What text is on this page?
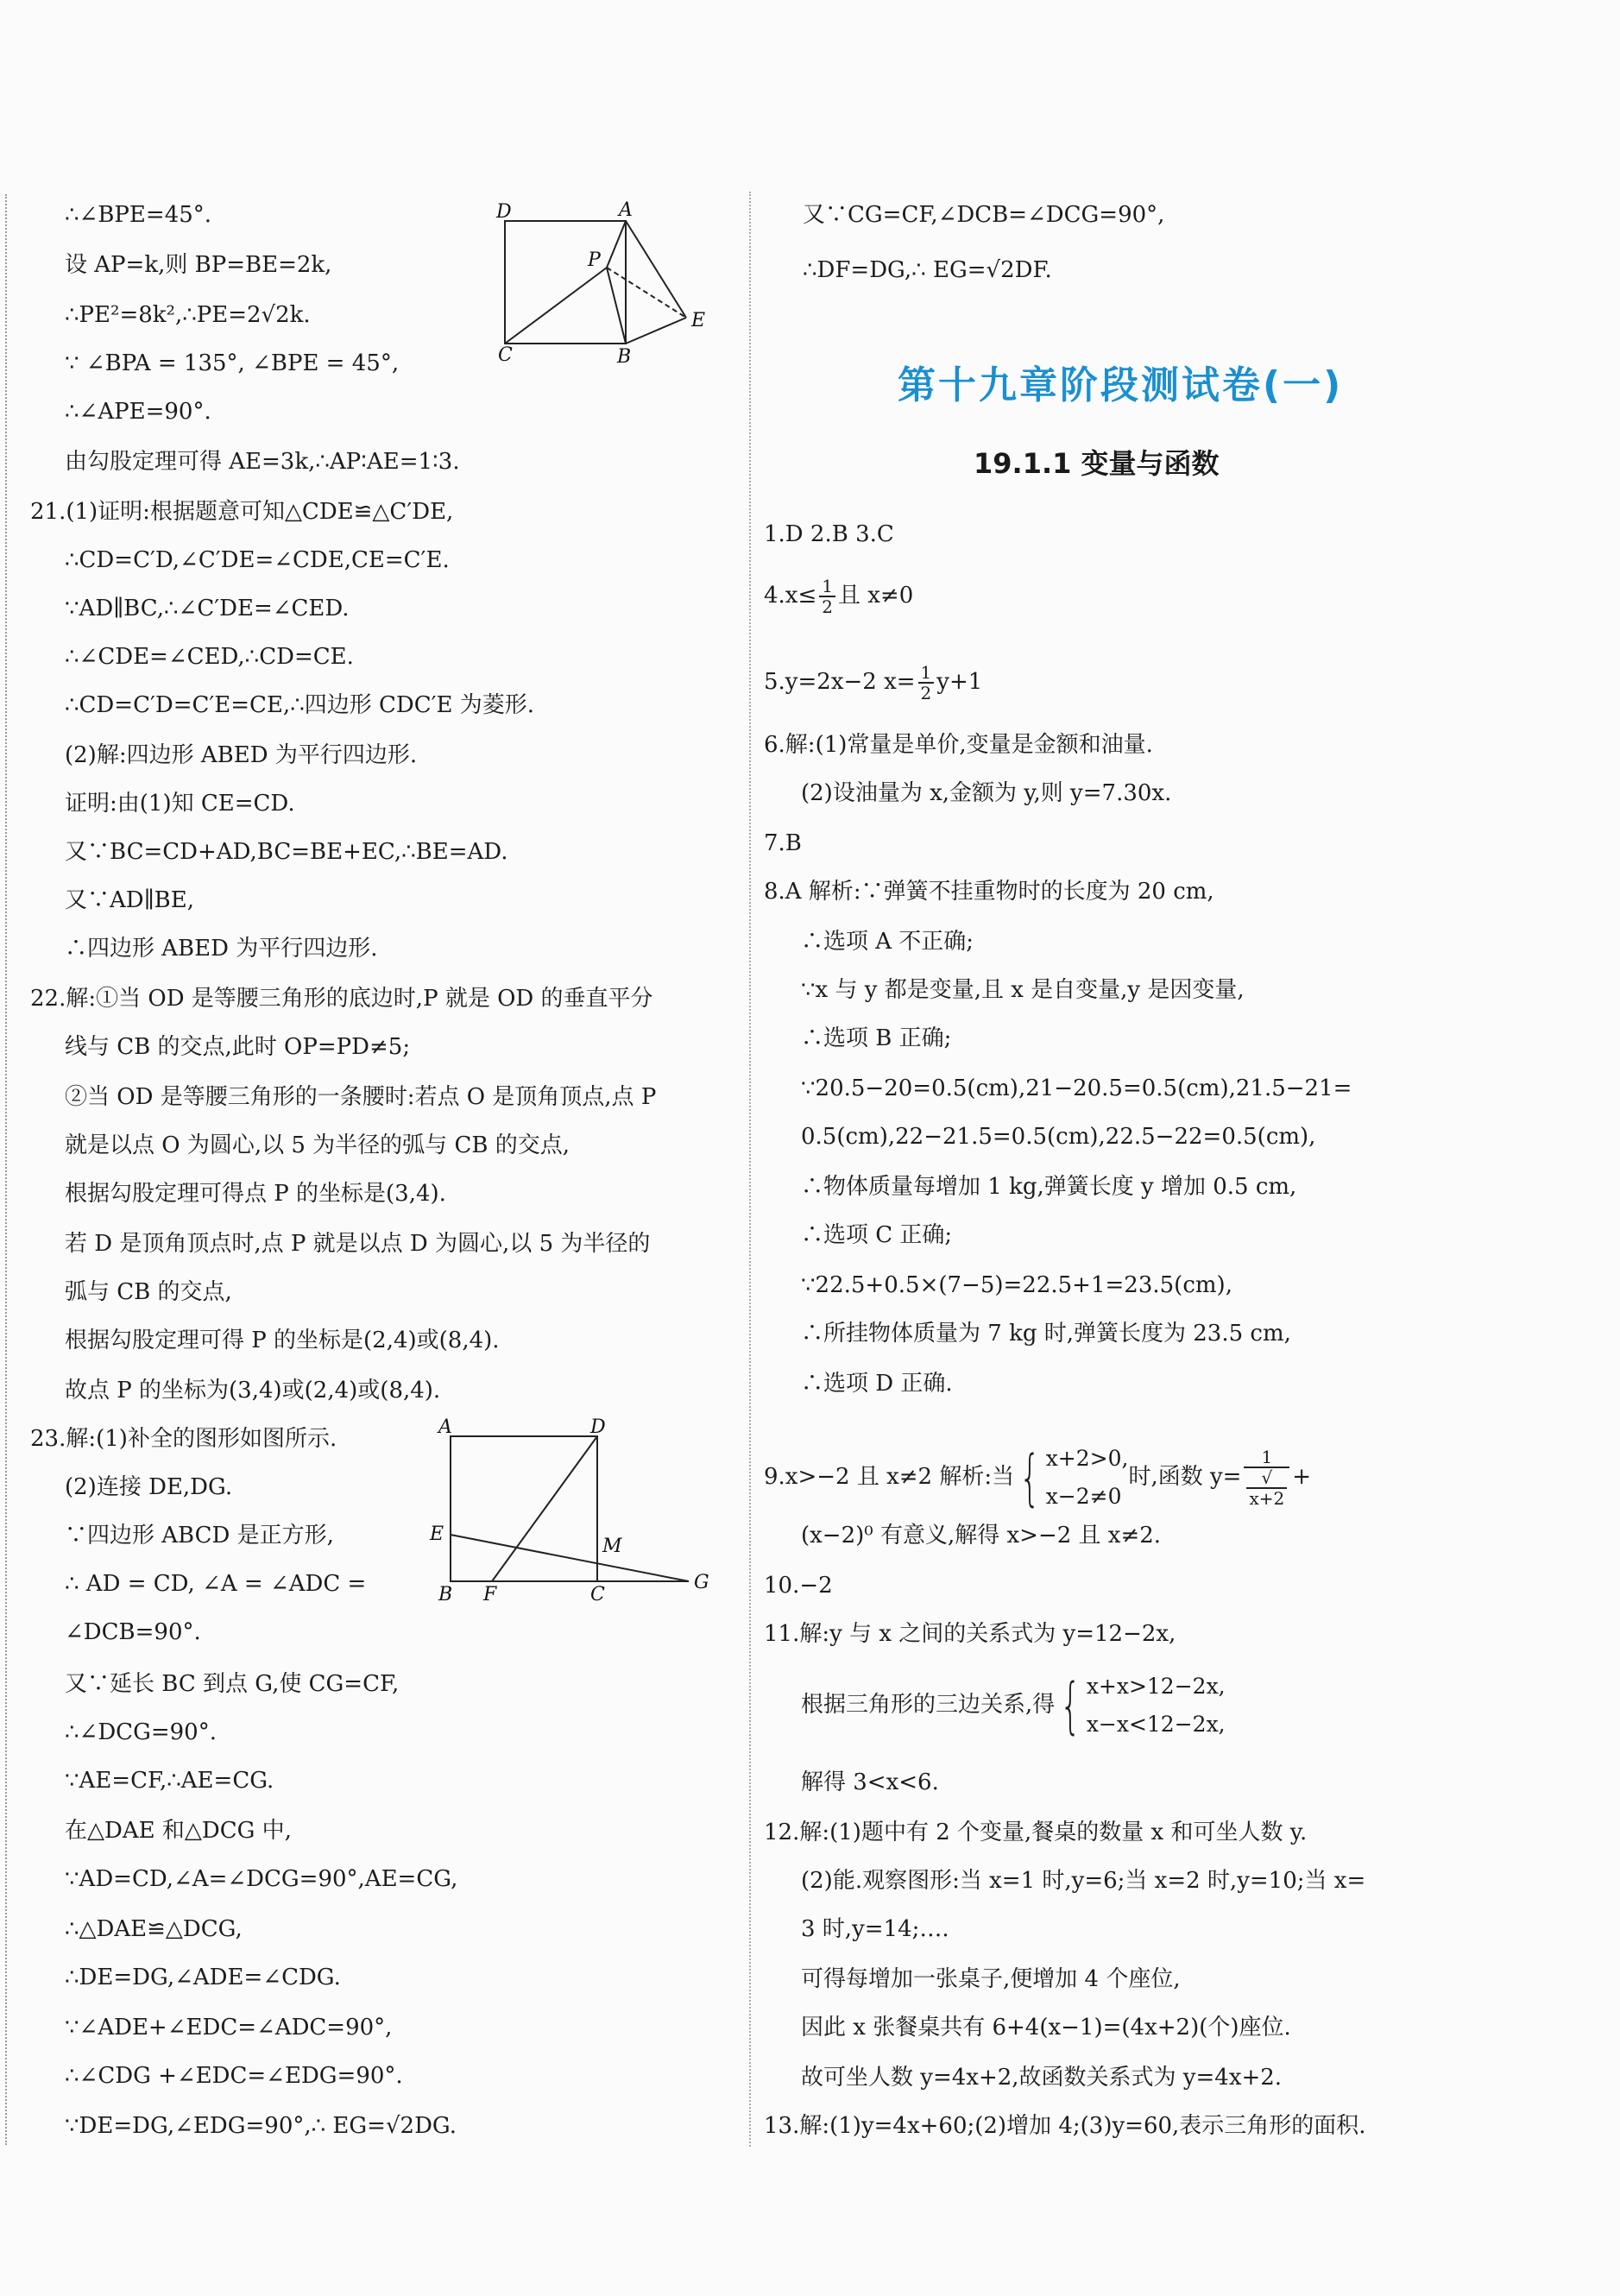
∴∠BPE=45°.
设 AP=k,则 BP=BE=2k,
∴PE²=8k²,∴PE=2√2k.
∵ ∠BPA = 135°, ∠BPE = 45°,
∴∠APE=90°.
由勾股定理可得 AE=3k,∴AP∶AE=1∶3.
21.(1)证明:根据题意可知△CDE≌△C′DE,
∴CD=C′D,∠C′DE=∠CDE,CE=C′E.
∵AD∥BC,∴∠C′DE=∠CED.
∴∠CDE=∠CED,∴CD=CE.
∴CD=C′D=C′E=CE,∴四边形 CDC′E 为菱形.
(2)解:四边形 ABED 为平行四边形.
证明:由(1)知 CE=CD.
又∵BC=CD+AD,BC=BE+EC,∴BE=AD.
又∵AD∥BE,
∴四边形 ABED 为平行四边形.
22.解:①当 OD 是等腰三角形的底边时,P 就是 OD 的垂直平分
线与 CB 的交点,此时 OP=PD≠5;
②当 OD 是等腰三角形的一条腰时:若点 O 是顶角顶点,点 P
就是以点 O 为圆心,以 5 为半径的弧与 CB 的交点,
根据勾股定理可得点 P 的坐标是(3,4).
若 D 是顶角顶点时,点 P 就是以点 D 为圆心,以 5 为半径的
弧与 CB 的交点,
根据勾股定理可得 P 的坐标是(2,4)或(8,4).
故点 P 的坐标为(3,4)或(2,4)或(8,4).
23.解:(1)补全的图形如图所示.
(2)连接 DE,DG.
∵四边形 ABCD 是正方形,
∴ AD = CD, ∠A = ∠ADC =
∠DCB=90°.
又∵延长 BC 到点 G,使 CG=CF,
∴∠DCG=90°.
∵AE=CF,∴AE=CG.
在△DAE 和△DCG 中,
∵AD=CD,∠A=∠DCG=90°,AE=CG,
∴△DAE≌△DCG,
∴DE=DG,∠ADE=∠CDG.
∵∠ADE+∠EDC=∠ADC=90°,
∴∠CDG +∠EDC=∠EDG=90°.
∵DE=DG,∠EDG=90°,∴ EG=√2DG.
D	A
P
C	B
E
A	D
E
M
B F	C
G
又∵CG=CF,∠DCB=∠DCG=90°,
∴DF=DG,∴ EG=√2DF.
第十九章阶段测试卷(一)
19.1.1 变量与函数
1.D 2.B 3.C
$4.x\le \frac{1}{2}$ 且 x≠0
5.y=2x−2 $x= \frac{1}{2} y+1$
6.解:(1)常量是单价,变量是金额和油量.
(2)设油量为 x,金额为 y,则 y=7.30x.
7.B
8.A 解析:∵弹簧不挂重物时的长度为 20 cm,
∴选项 A 不正确;
∵x 与 y 都是变量,且 x 是自变量,y 是因变量,
∴选项 B 正确;
∵20.5−20=0.5(cm),21−20.5=0.5(cm),21.5−21=
0.5(cm),22−21.5=0.5(cm),22.5−22=0.5(cm),
∴物体质量每增加 1 kg,弹簧长度 y 增加 0.5 cm,
∴选项 C 正确;
∵22.5+0.5×(7−5)=22.5+1=23.5(cm),
∴所挂物体质量为 7 kg 时,弹簧长度为 23.5 cm,
∴选项 D 正确.
9.x>−2 且 x≠2 解析:当{ x+2>0,
x−2≠0
时,函数 y= 1
√
x+2 +
(x−2)⁰ 有意义,解得 x>−2 且 x≠2.
10.−2
11.解:y 与 x 之间的关系式为 y=12−2x,
根据三角形的三边关系,得{ x+x>12−2x,
x−x<12−2x,
解得 3<x<6.
12.解:(1)题中有 2 个变量,餐桌的数量 x 和可坐人数 y.
(2)能.观察图形:当 x=1 时,y=6;当 x=2 时,y=10;当 x=
3 时,y=14;….
可得每增加一张桌子,便增加 4 个座位,
因此 x 张餐桌共有 6+4(x−1)=(4x+2)(个)座位.
故可坐人数 y=4x+2,故函数关系式为 y=4x+2.
13.解:(1)y=4x+60;(2)增加 4;(3)y=60,表示三角形的面积.
